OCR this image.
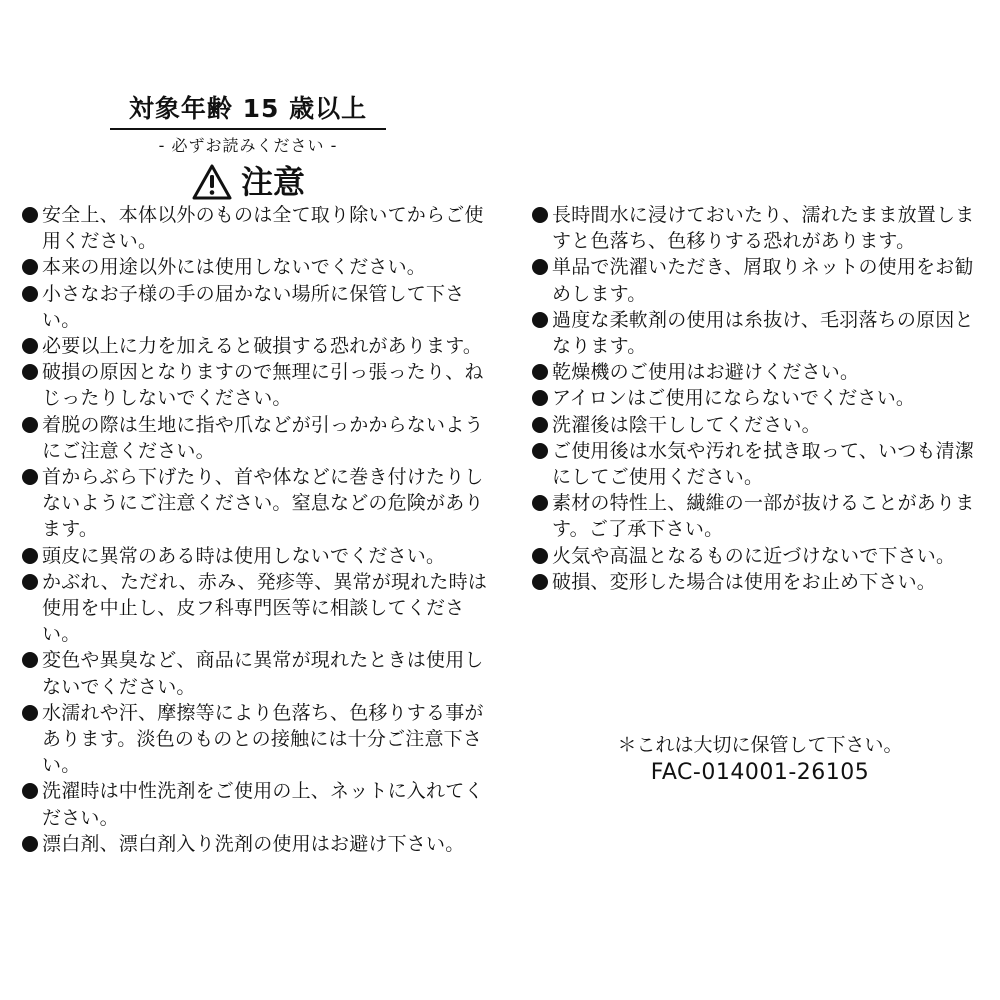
対象年齢 15 歳以上
- 必ずお読みください -
注意
安全上、本体以外のものは全て取り除いてからご使用ください。
本来の用途以外には使用しないでください。
小さなお子様の手の届かない場所に保管して下さい。
必要以上に力を加えると破損する恐れがあります。
破損の原因となりますので無理に引っ張ったり、ねじったりしないでください。
着脱の際は生地に指や爪などが引っかからないようにご注意ください。
首からぶら下げたり、首や体などに巻き付けたりしないようにご注意ください。窒息などの危険があります。
頭皮に異常のある時は使用しないでください。
かぶれ、ただれ、赤み、発疹等、異常が現れた時は使用を中止し、皮フ科専門医等に相談してください。
変色や異臭など、商品に異常が現れたときは使用しないでください。
水濡れや汗、摩擦等により色落ち、色移りする事があります。淡色のものとの接触には十分ご注意下さい。
洗濯時は中性洗剤をご使用の上、ネットに入れてください。
漂白剤、漂白剤入り洗剤の使用はお避け下さい。
長時間水に浸けておいたり、濡れたまま放置しますと色落ち、色移りする恐れがあります。
単品で洗濯いただき、屑取りネットの使用をお勧めします。
過度な柔軟剤の使用は糸抜け、毛羽落ちの原因となります。
乾燥機のご使用はお避けください。
アイロンはご使用にならないでください。
洗濯後は陰干ししてください。
ご使用後は水気や汚れを拭き取って、いつも清潔にしてご使用ください。
素材の特性上、繊維の一部が抜けることがあります。ご了承下さい。
火気や高温となるものに近づけないで下さい。
破損、変形した場合は使用をお止め下さい。
＊これは大切に保管して下さい。
FAC-014001-26105
